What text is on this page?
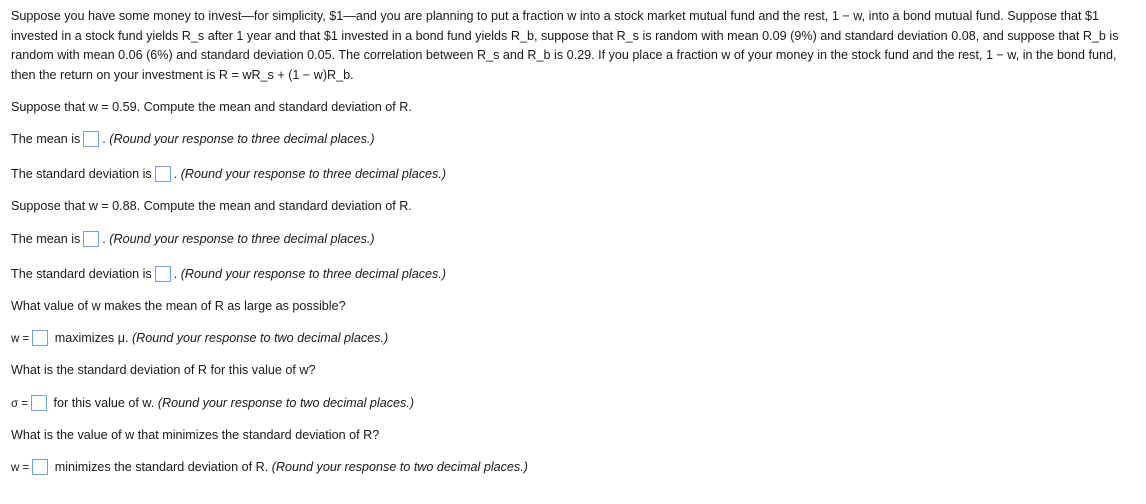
Suppose you have some money to invest—for simplicity, $1—and you are planning to put a fraction w into a stock market mutual fund and the rest, 1 − w, into a bond mutual fund. Suppose that $1
invested in a stock fund yields R_s after 1 year and that $1 invested in a bond fund yields R_b, suppose that R_s is random with mean 0.09 (9%) and standard deviation 0.08, and suppose that R_b is
random with mean 0.06 (6%) and standard deviation 0.05. The correlation between R_s and R_b is 0.29. If you place a fraction w of your money in the stock fund and the rest, 1 − w, in the bond fund,
then the return on your investment is R = wR_s + (1 − w)R_b.
Suppose that w = 0.59. Compute the mean and standard deviation of R.
The mean is . (Round your response to three decimal places.)
The standard deviation is . (Round your response to three decimal places.)
Suppose that w = 0.88. Compute the mean and standard deviation of R.
The mean is . (Round your response to three decimal places.)
The standard deviation is . (Round your response to three decimal places.)
What value of w makes the mean of R as large as possible?
w = maximizes μ. (Round your response to two decimal places.)
What is the standard deviation of R for this value of w?
σ = for this value of w. (Round your response to two decimal places.)
What is the value of w that minimizes the standard deviation of R?
w = minimizes the standard deviation of R. (Round your response to two decimal places.)
